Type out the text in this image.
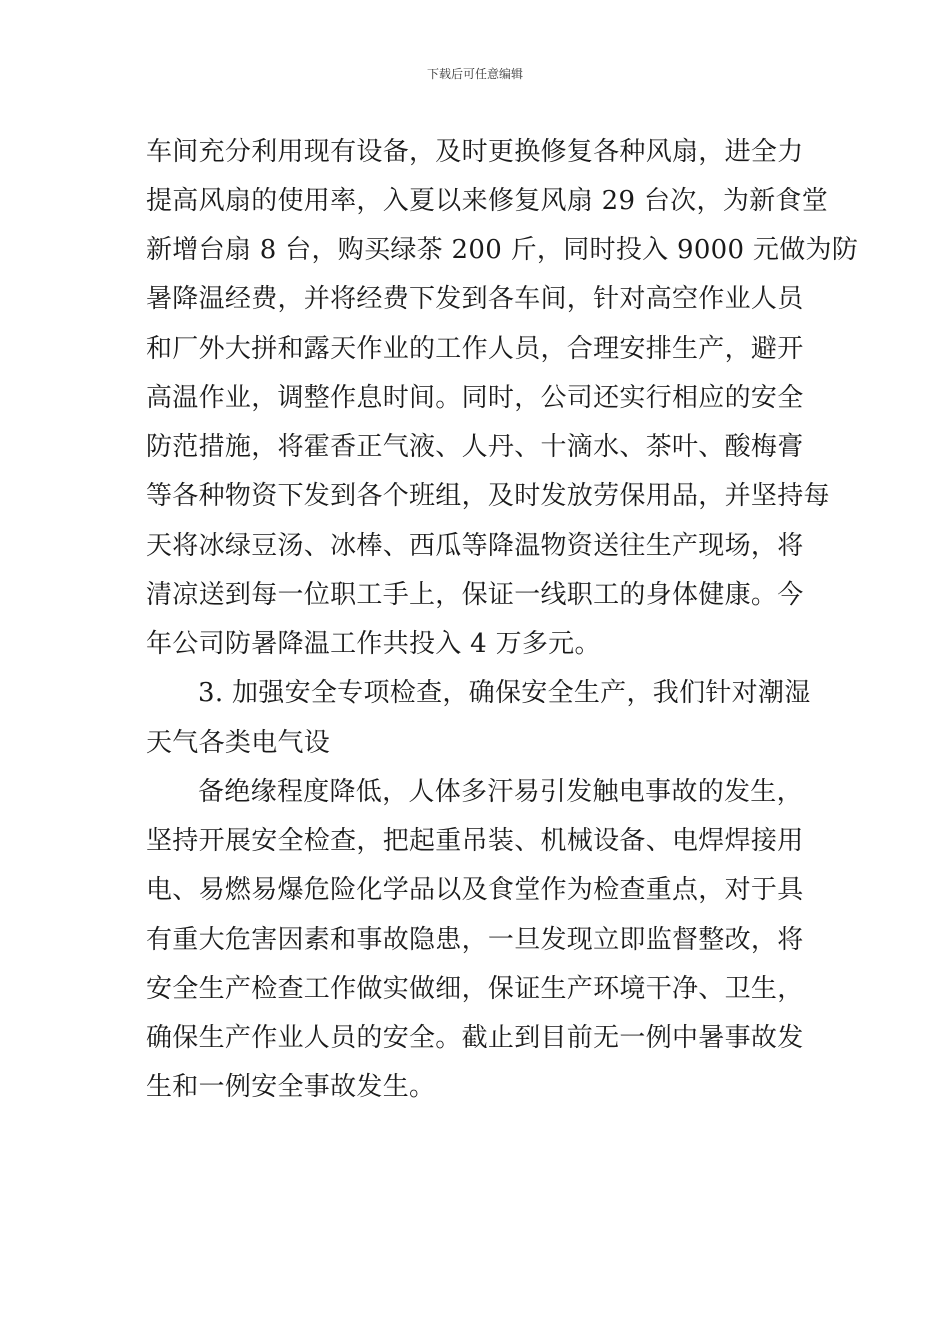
下载后可任意编辑
车间充分利用现有设备，及时更换修复各种风扇，进全力
提高风扇的使用率，入夏以来修复风扇 29 台次，为新食堂
新增台扇 8 台，购买绿茶 200 斤，同时投入 9000 元做为防
暑降温经费，并将经费下发到各车间，针对高空作业人员
和厂外大拼和露天作业的工作人员，合理安排生产，避开
高温作业，调整作息时间。同时，公司还实行相应的安全
防范措施，将霍香正气液、人丹、十滴水、茶叶、酸梅膏
等各种物资下发到各个班组，及时发放劳保用品，并坚持每
天将冰绿豆汤、冰棒、西瓜等降温物资送往生产现场，将
清凉送到每一位职工手上，保证一线职工的身体健康。今
年公司防暑降温工作共投入 4 万多元。
3. 加强安全专项检查，确保安全生产，我们针对潮湿
天气各类电气设
备绝缘程度降低，人体多汗易引发触电事故的发生，
坚持开展安全检查，把起重吊装、机械设备、电焊焊接用
电、易燃易爆危险化学品以及食堂作为检查重点，对于具
有重大危害因素和事故隐患，一旦发现立即监督整改，将
安全生产检查工作做实做细，保证生产环境干净、卫生，
确保生产作业人员的安全。截止到目前无一例中暑事故发
生和一例安全事故发生。
